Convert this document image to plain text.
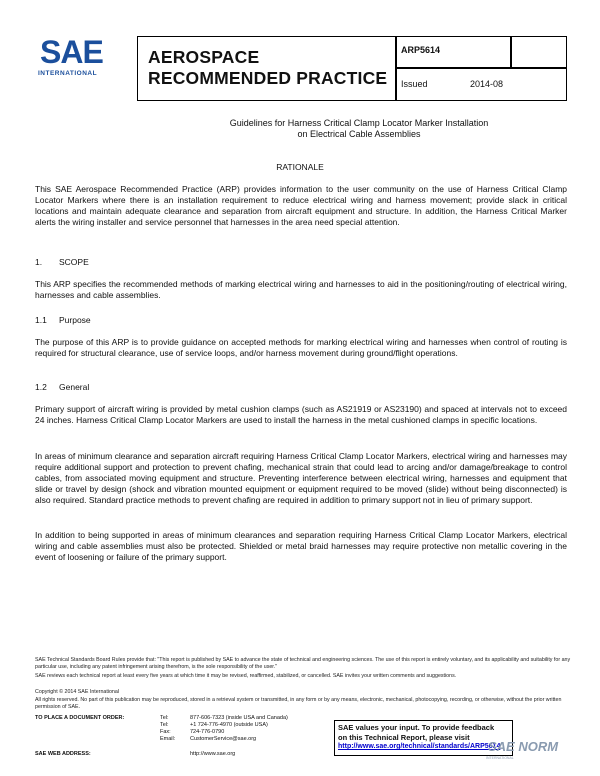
SAE
INTERNATIONAL
AEROSPACE
RECOMMENDED PRACTICE
ARP5614
Issued	2014-08
Guidelines for Harness Critical Clamp Locator Marker Installation
on Electrical Cable Assemblies
RATIONALE
This SAE Aerospace Recommended Practice (ARP) provides information to the user community on the use of Harness Critical Clamp Locator Markers where there is an installation requirement to reduce electrical wiring and harness movement; provide slack in critical locations and maintain adequate clearance and separation from aircraft equipment and structure. In addition, the Harness Critical Marker alerts the wiring installer and service personnel that harnesses in the area need special attention.
1. SCOPE
This ARP specifies the recommended methods of marking electrical wiring and harnesses to aid in the positioning/routing of electrical wiring, harnesses and cable assemblies.
1.1 Purpose
The purpose of this ARP is to provide guidance on accepted methods for marking electrical wiring and harnesses when control of routing is required for structural clearance, use of service loops, and/or harness movement during ground/flight operations.
1.2 General
Primary support of aircraft wiring is provided by metal cushion clamps (such as AS21919 or AS23190) and spaced at intervals not to exceed 24 inches. Harness Critical Clamp Locator Markers are used to install the harness in the metal cushioned clamps in specific locations.
In areas of minimum clearance and separation aircraft requiring Harness Critical Clamp Locator Markers, electrical wiring and harnesses may require additional support and protection to prevent chafing, mechanical strain that could lead to arcing and/or damage/breakage to control cables, from associated moving equipment and structure. Preventing interference between electrical wiring, harnesses and equipment that slide or travel by design (shock and vibration mounted equipment or equipment required to be moved (slide) without being disconnected) is also required. Standard practice methods to prevent chafing are required in addition to primary support not in lieu of primary support.
In addition to being supported in areas of minimum clearances and separation requiring Harness Critical Clamp Locator Markers, electrical wiring and cable assemblies must also be protected. Shielded or metal braid harnesses may require protective non metallic covering in the event of loosening or failure of the primary support.
SAE Technical Standards Board Rules provide that: "This report is published by SAE to advance the state of technical and engineering sciences. The use of this report is entirely voluntary, and its applicability and suitability for any particular use, including any patent infringement arising therefrom, is the sole responsibility of the user."
SAE reviews each technical report at least every five years at which time it may be revised, reaffirmed, stabilized, or cancelled. SAE invites your written comments and suggestions.
Copyright © 2014 SAE International
All rights reserved. No part of this publication may be reproduced, stored in a retrieval system or transmitted, in any form or by any means, electronic, mechanical, photocopying, recording, or otherwise, without the prior written permission of SAE.
TO PLACE A DOCUMENT ORDER:	Tel:	877-606-7323 (inside USA and Canada)
Tel:	+1 724-776-4970 (outside USA)
Fax:	724-776-0790
Email:	CustomerService@sae.org
SAE WEB ADDRESS:	http://www.sae.org
SAE values your input. To provide feedback
on this Technical Report, please visit
http://www.sae.org/technical/standards/ARP5614
SAE NORM
INTERNATIONAL
